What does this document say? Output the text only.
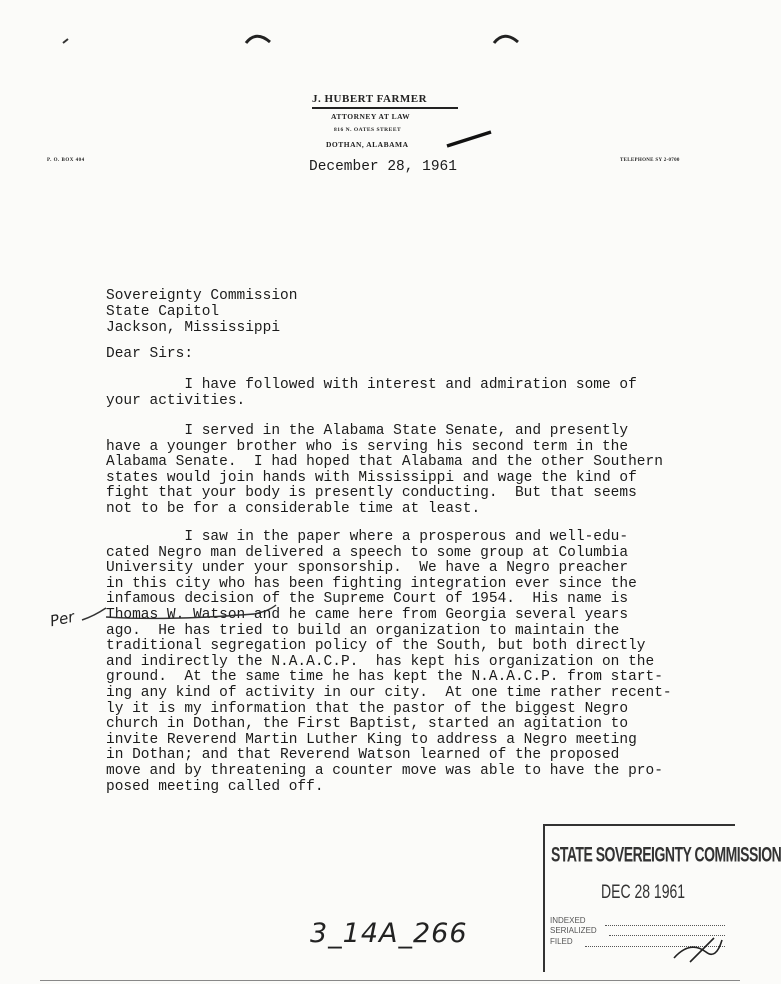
J. HUBERT FARMER
ATTORNEY AT LAW
816 N. OATES STREET
DOTHAN, ALABAMA
P. O. BOX 404	TELEPHONE SY 2-0700
December 28, 1961
Sovereignty Commission
State Capitol
Jackson, Mississippi
Dear Sirs:
I have followed with interest and admiration some of
your activities.
I served in the Alabama State Senate, and presently
have a younger brother who is serving his second term in the
Alabama Senate.  I had hoped that Alabama and the other Southern
states would join hands with Mississippi and wage the kind of
fight that your body is presently conducting.  But that seems
not to be for a considerable time at least.
I saw in the paper where a prosperous and well-edu-
cated Negro man delivered a speech to some group at Columbia
University under your sponsorship.  We have a Negro preacher
in this city who has been fighting integration ever since the
infamous decision of the Supreme Court of 1954.  His name is
Thomas W. Watson and he came here from Georgia several years
ago.  He has tried to build an organization to maintain the
traditional segregation policy of the South, but both directly
and indirectly the N.A.A.C.P.  has kept his organization on the
ground.  At the same time he has kept the N.A.A.C.P. from start-
ing any kind of activity in our city.  At one time rather recent-
ly it is my information that the pastor of the biggest Negro
church in Dothan, the First Baptist, started an agitation to
invite Reverend Martin Luther King to address a Negro meeting
in Dothan; and that Reverend Watson learned of the proposed
move and by threatening a counter move was able to have the pro-
posed meeting called off.
Per
STATE SOVEREIGNTY COMMISSION
DEC 28 1961
INDEXED
SERIALIZED
FILED
3_14A_266
